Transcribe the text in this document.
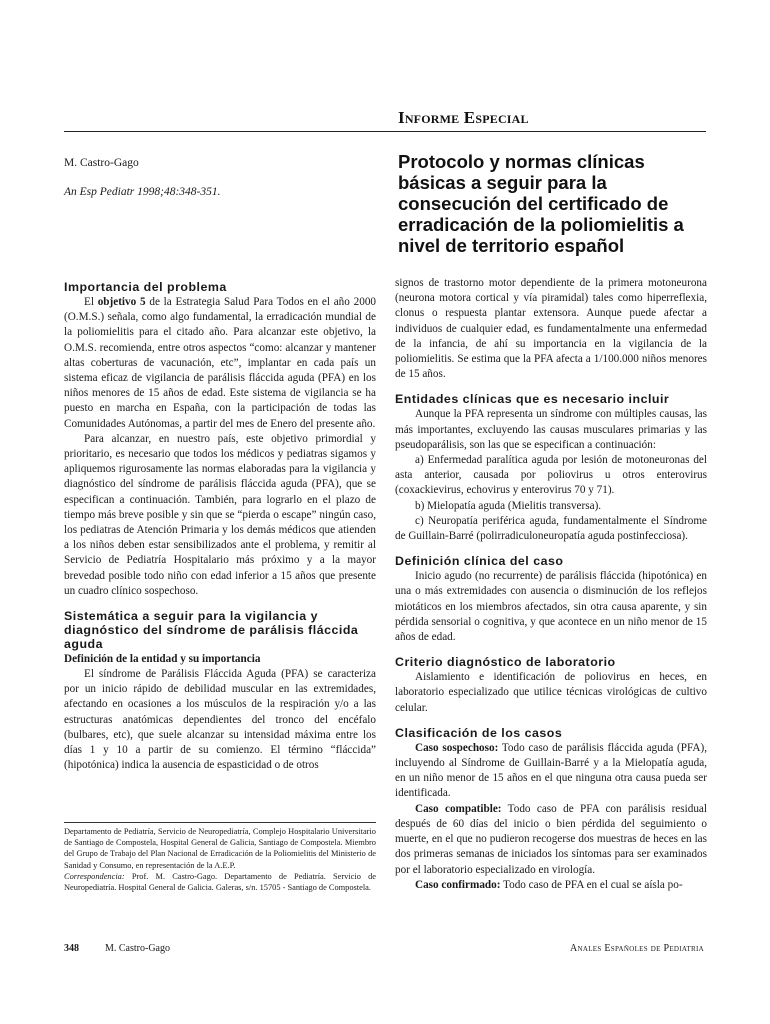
Informe Especial
M. Castro-Gago
An Esp Pediatr 1998;48:348-351.
Protocolo y normas clínicas básicas a seguir para la consecución del certificado de erradicación de la poliomielitis a nivel de territorio español
Importancia del problema

El objetivo 5 de la Estrategia Salud Para Todos en el año 2000 (O.M.S.) señala, como algo fundamental, la erradicación mundial de la poliomielitis para el citado año. Para alcanzar este objetivo, la O.M.S. recomienda, entre otros aspectos “como: alcanzar y mantener altas coberturas de vacunación, etc”, implantar en cada país un sistema eficaz de vigilancia de parálisis fláccida aguda (PFA) en los niños menores de 15 años de edad. Este sistema de vigilancia se ha puesto en marcha en España, con la participación de todas las Comunidades Autónomas, a partir del mes de Enero del presente año.

Para alcanzar, en nuestro país, este objetivo primordial y prioritario, es necesario que todos los médicos y pediatras sigamos y apliquemos rigurosamente las normas elaboradas para la vigilancia y diagnóstico del síndrome de parálisis fláccida aguda (PFA), que se especifican a continuación. También, para lograrlo en el plazo de tiempo más breve posible y sin que se “pierda o escape” ningún caso, los pediatras de Atención Primaria y los demás médicos que atienden a los niños deben estar sensibilizados ante el problema, y remitir al Servicio de Pediatría Hospitalario más próximo y a la mayor brevedad posible todo niño con edad inferior a 15 años que presente un cuadro clínico sospechoso.

Sistemática a seguir para la vigilancia y diagnóstico del síndrome de parálisis fláccida aguda
Definición de la entidad y su importancia

El síndrome de Parálisis Fláccida Aguda (PFA) se caracteriza por un inicio rápido de debilidad muscular en las extremidades, afectando en ocasiones a los músculos de la respiración y/o a las estructuras anatómicas dependientes del tronco del encéfalo (bulbares, etc), que suele alcanzar su intensidad máxima entre los días 1 y 10 a partir de su comienzo. El término “fláccida” (hipotónica) indica la ausencia de espasticidad o de otros

signos de trastorno motor dependiente de la primera motoneurona (neurona motora cortical y vía piramidal) tales como hiperreflexia, clonus o respuesta plantar extensora. Aunque puede afectar a individuos de cualquier edad, es fundamentalmente una enfermedad de la infancia, de ahí su importancia en la vigilancia de la poliomielitis. Se estima que la PFA afecta a 1/100.000 niños menores de 15 años.

Entidades clínicas que es necesario incluir

Aunque la PFA representa un síndrome con múltiples causas, las más importantes, excluyendo las causas musculares primarias y las pseudoparálisis, son las que se especifican a continuación:

a) Enfermedad paralítica aguda por lesión de motoneuronas del asta anterior, causada por poliovirus u otros enterovirus (coxackievirus, echovirus y enterovirus 70 y 71).

b) Mielopatía aguda (Mielitis transversa).

c) Neuropatía periférica aguda, fundamentalmente el Síndrome de Guillain-Barré (polirradiculoneuropatía aguda postinfecciosa).

Definición clínica del caso

Inicio agudo (no recurrente) de parálisis fláccida (hipotónica) en una o más extremidades con ausencia o disminución de los reflejos miotáticos en los miembros afectados, sin otra causa aparente, y sin pérdida sensorial o cognitiva, y que acontece en un niño menor de 15 años de edad.

Criterio diagnóstico de laboratorio

Aislamiento e identificación de poliovirus en heces, en laboratorio especializado que utilice técnicas virológicas de cultivo celular.

Clasificación de los casos

Caso sospechoso: Todo caso de parálisis fláccida aguda (PFA), incluyendo al Síndrome de Guillain-Barré y a la Mielopatía aguda, en un niño menor de 15 años en el que ninguna otra causa pueda ser identificada.

Caso compatible: Todo caso de PFA con parálisis residual después de 60 días del inicio o bien pérdida del seguimiento o muerte, en el que no pudieron recogerse dos muestras de heces en las dos primeras semanas de iniciados los síntomas para ser examinados por el laboratorio especializado en virología.

Caso confirmado: Todo caso de PFA en el cual se aísla po-

Departamento de Pediatría, Servicio de Neuropediatría, Complejo Hospitalario Universitario de Santiago de Compostela, Hospital General de Galicia, Santiago de Compostela. Miembro del Grupo de Trabajo del Plan Nacional de Erradicación de la Poliomielitis del Ministerio de Sanidad y Consumo, en representación de la A.E.P.

Correspondencia: Prof. M. Castro-Gago. Departamento de Pediatría. Servicio de Neuropediatría. Hospital General de Galicia. Galeras, s/n. 15705 - Santiago de Compostela.

348	M. Castro-Gago	Anales Españoles de Pediatria
